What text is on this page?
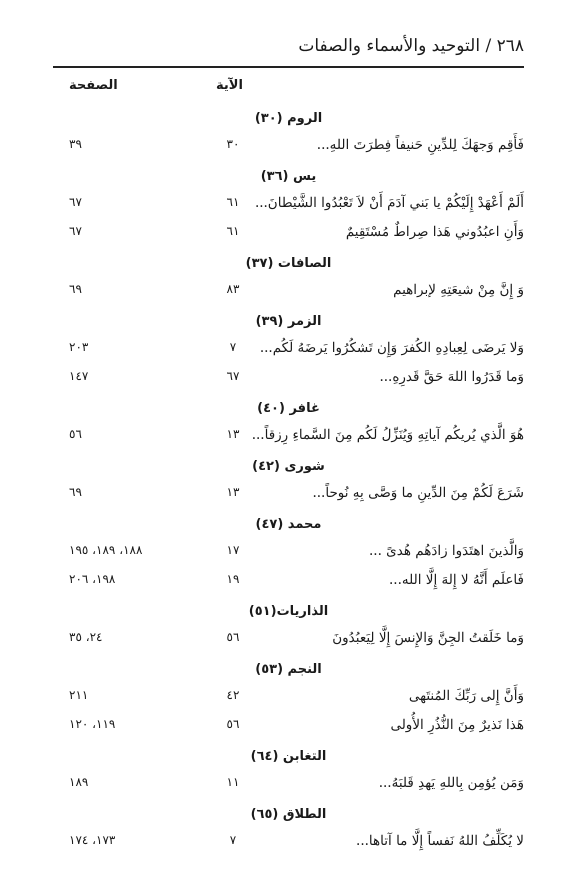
٢٦٨ / التوحيد والأسماء والصفات
الصفحة	الآية
الروم (٣٠)
فَأَقِم وَجهَكَ لِلدِّينِ حَنيفاً فِطرَتَ اللهِ...
٣٠
٣٩
يس (٣٦)
أَلَمْ أَعْهَدْ إِلَيْكُمْ يا بَني آدَمَ أَنْ لاَ تَعْبُدُوا الشَّيْطانَ...
٦١
٦٧
وَأَنِ اعبُدُوني هَذا صِراطٌ مُسْتَقِيمٌ
٦١
٦٧
الصافات (٣٧)
وَ إِنَّ مِنْ شيعَتِهِ لإبراهيم
٨٣
٦٩
الزمر (٣٩)
وَلا يَرضَى لِعِبادِهِ الكُفرَ وَإِن تَشكُرُوا يَرضَهُ لَكُم...
٧
٢٠٣
وَما قَدَرُوا اللهَ حَقَّ قَدرِهِ...
٦٧
١٤٧
غافر (٤٠)
هُوَ الَّذي يُريكُم آياتِهِ وَيُنَزِّلُ لَكُم مِنَ السَّماءِ رِزقاً...
١٣
٥٦
شورى (٤٢)
شَرَعَ لَكُمْ مِنَ الدِّينِ ما وَصَّى بِهِ نُوحاً...
١٣
٦٩
محمد (٤٧)
وَالَّذينَ اهتَدَوا زادَهُم هُدىً ...
١٧
١٨٨، ١٨٩، ١٩٥
فَاعلَم أَنَّهُ لا إِلهَ إِلَّا الله...
١٩
١٩٨، ٢٠٦
الذاريات(٥١)
وَما خَلَقتُ الجِنَّ وَالإِنسَ إِلَّا لِيَعبُدُونَ
٥٦
٢٤، ٣٥
النجم (٥٣)
وَأَنَّ إِلى رَبِّكَ المُنتَهى
٤٢
٢١١
هَذا نَذيرٌ مِنَ النُّذُرِ الأُولى
٥٦
١١٩، ١٢٠
التغابن (٦٤)
وَمَن يُؤمِن بِاللهِ يَهدِ قَلبَهُ...
١١
١٨٩
الطلاق (٦٥)
لا يُكَلِّفُ اللهُ نَفساً إِلَّا ما آتاها...
٧
١٧٣، ١٧٤
